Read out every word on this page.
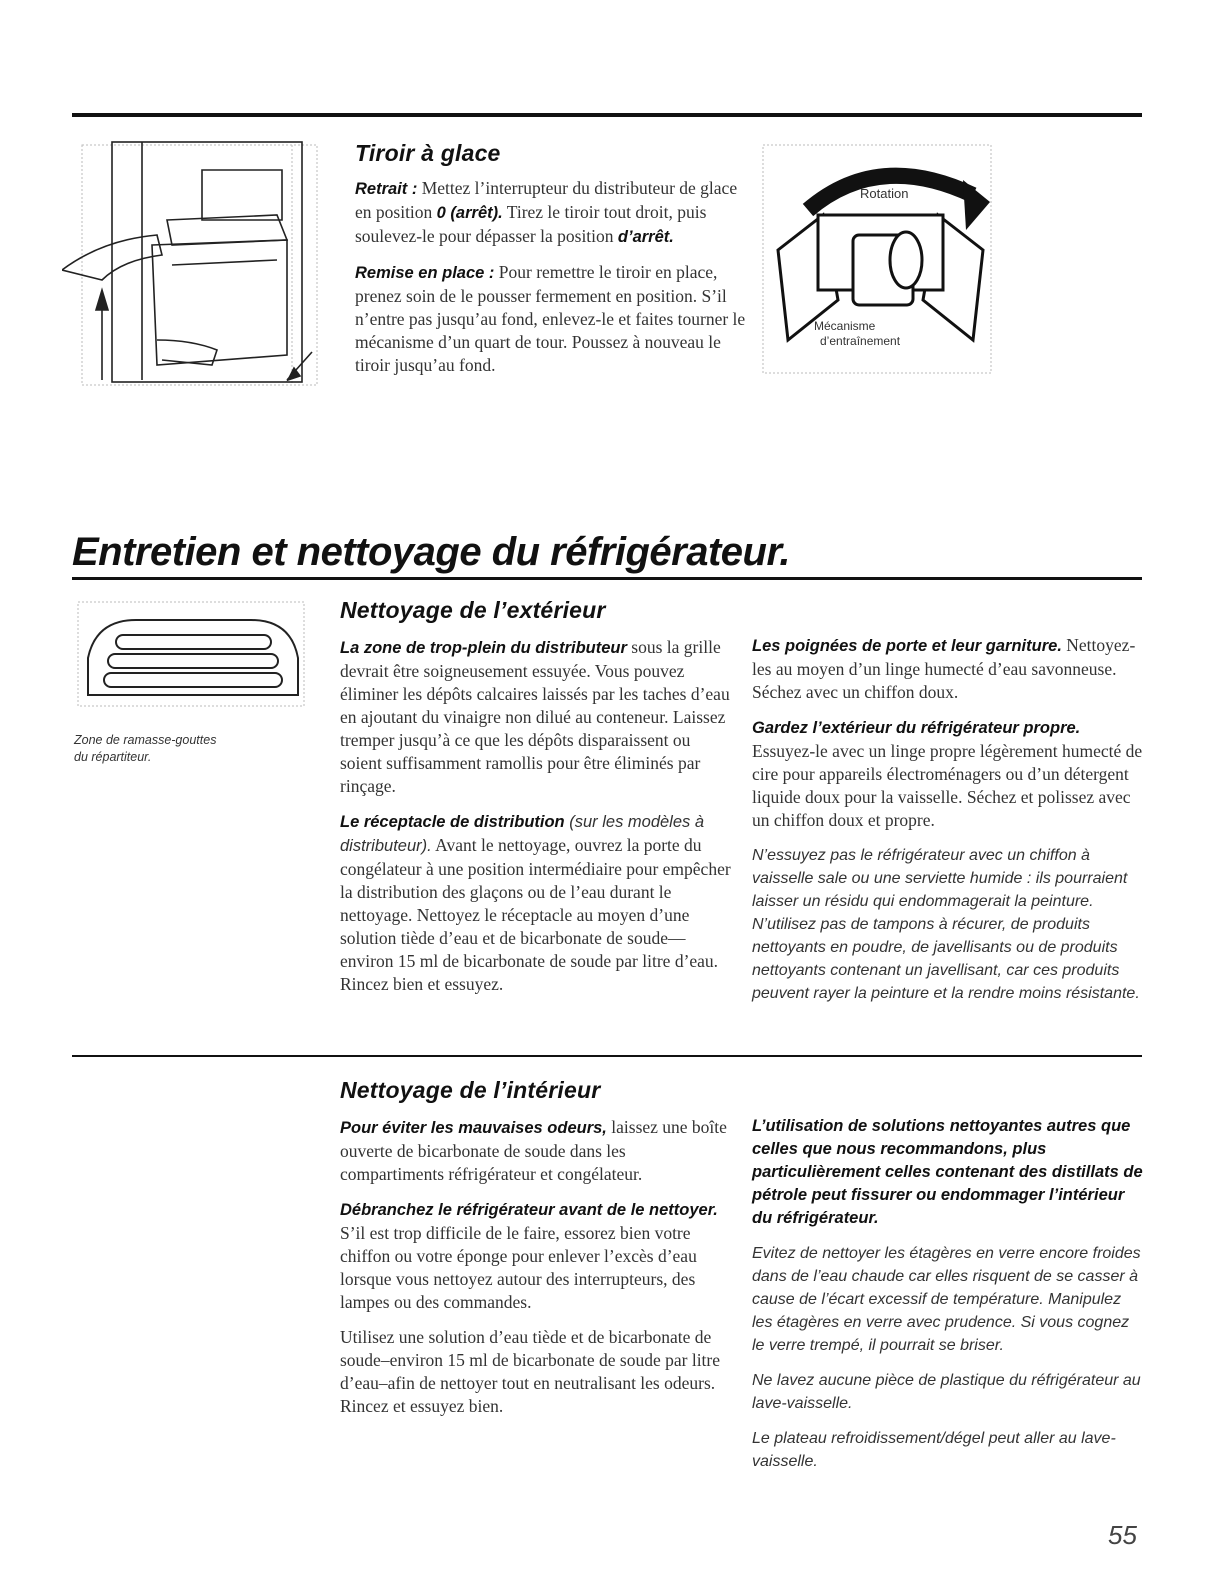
Tiroir à glace

Retrait : Mettez l’interrupteur du distributeur de glace en position 0 (arrêt). Tirez le tiroir tout droit, puis soulevez-le pour dépasser la position d’arrêt.

Remise en place : Pour remettre le tiroir en place, prenez soin de le pousser fermement en position. S’il n’entre pas jusqu’au fond, enlevez-le et faites tourner le mécanisme d’un quart de tour. Poussez à nouveau le tiroir jusqu’au fond.

Rotation
Mécanisme
d’entraînement
Entretien et nettoyage du réfrigérateur.
Zone de ramasse-gouttes
du répartiteur.
Nettoyage de l’extérieur

La zone de trop-plein du distributeur sous la grille devrait être soigneusement essuyée. Vous pouvez éliminer les dépôts calcaires laissés par les taches d’eau en ajoutant du vinaigre non dilué au conteneur. Laissez tremper jusqu’à ce que les dépôts disparaissent ou soient suffisamment ramollis pour être éliminés par rinçage.

Le réceptacle de distribution (sur les modèles à distributeur). Avant le nettoyage, ouvrez la porte du congélateur à une position intermédiaire pour empêcher la distribution des glaçons ou de l’eau durant le nettoyage. Nettoyez le réceptacle au moyen d’une solution tiède d’eau et de bicarbonate de soude—environ 15 ml de bicarbonate de soude par litre d’eau. Rincez bien et essuyez.

Les poignées de porte et leur garniture. Nettoyez-les au moyen d’un linge humecté d’eau savonneuse. Séchez avec un chiffon doux.

Gardez l’extérieur du réfrigérateur propre. Essuyez-le avec un linge propre légèrement humecté de cire pour appareils électroménagers ou d’un détergent liquide doux pour la vaisselle. Séchez et polissez avec un chiffon doux et propre.

N’essuyez pas le réfrigérateur avec un chiffon à vaisselle sale ou une serviette humide : ils pourraient laisser un résidu qui endommagerait la peinture. N’utilisez pas de tampons à récurer, de produits nettoyants en poudre, de javellisants ou de produits nettoyants contenant un javellisant, car ces produits peuvent rayer la peinture et la rendre moins résistante.

Nettoyage de l’intérieur

Pour éviter les mauvaises odeurs, laissez une boîte ouverte de bicarbonate de soude dans les compartiments réfrigérateur et congélateur.

Débranchez le réfrigérateur avant de le nettoyer. S’il est trop difficile de le faire, essorez bien votre chiffon ou votre éponge pour enlever l’excès d’eau lorsque vous nettoyez autour des interrupteurs, des lampes ou des commandes.

Utilisez une solution d’eau tiède et de bicarbonate de soude–environ 15 ml de bicarbonate de soude par litre d’eau–afin de nettoyer tout en neutralisant les odeurs. Rincez et essuyez bien.

L’utilisation de solutions nettoyantes autres que celles que nous recommandons, plus particulièrement celles contenant des distillats de pétrole peut fissurer ou endommager l’intérieur du réfrigérateur.

Evitez de nettoyer les étagères en verre encore froides dans de l’eau chaude car elles risquent de se casser à cause de l’écart excessif de température. Manipulez les étagères en verre avec prudence. Si vous cognez le verre trempé, il pourrait se briser.

Ne lavez aucune pièce de plastique du réfrigérateur au lave-vaisselle.

Le plateau refroidissement/dégel peut aller au lave-vaisselle.

55
